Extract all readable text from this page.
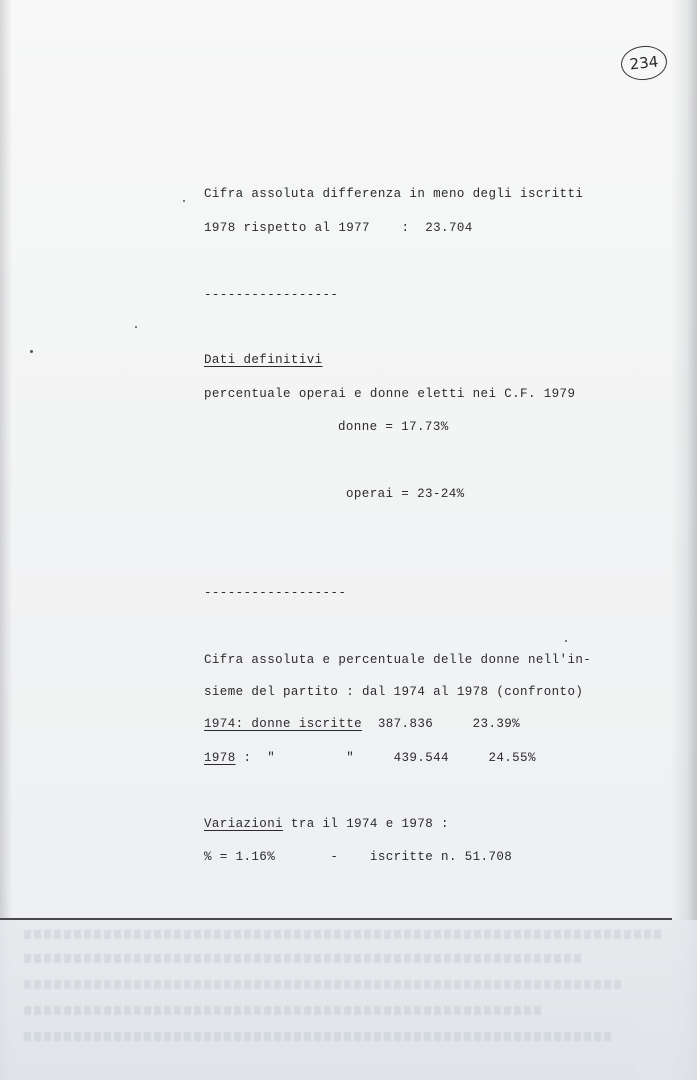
234

Cifra assoluta differenza in meno degli iscritti

1978 rispetto al 1977    :  23.704

-----------------

Dati definitivi

percentuale operai e donne eletti nei C.F. 1979

donne = 17.73%

operai = 23-24%

------------------

Cifra assoluta e percentuale delle donne nell'in-

sieme del partito : dal 1974 al 1978 (confronto)

1974: donne iscritte  387.836     23.39%

1978 :  "         "     439.544     24.55%

Variazioni tra il 1974 e 1978 :

% = 1.16%       -    iscritte n. 51.708
